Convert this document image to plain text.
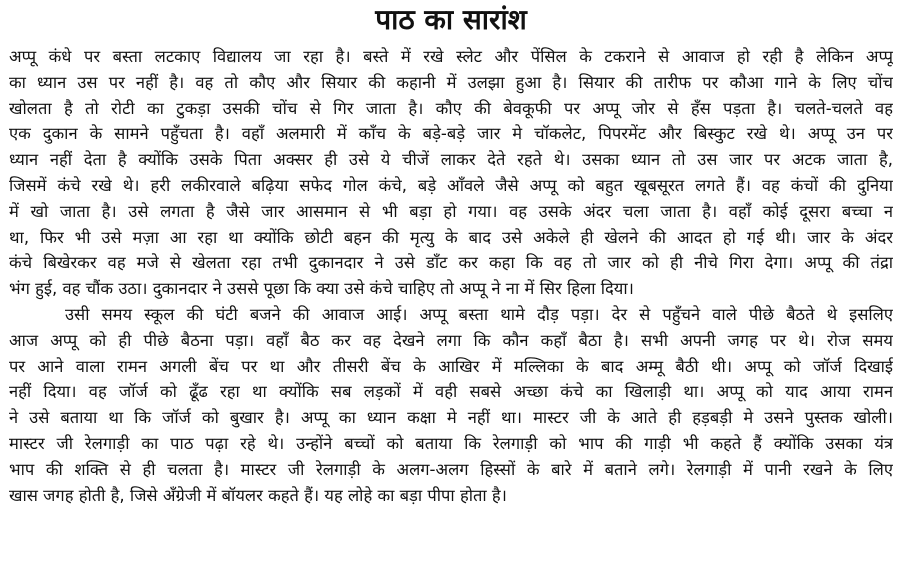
पाठ का सारांश
अप्पू कंधे पर बस्ता लटकाए विद्यालय जा रहा है। बस्ते में रखे स्लेट और पेंसिल के टकराने से आवाज हो रही है लेकिन अप्पू
का ध्यान उस पर नहीं है। वह तो कौए और सियार की कहानी में उलझा हुआ है। सियार की तारीफ पर कौआ गाने के लिए चोंच
खोलता है तो रोटी का टुकड़ा उसकी चोंच से गिर जाता है। कौए की बेवकूफी पर अप्पू जोर से हँस पड़ता है। चलते-चलते वह
एक दुकान के सामने पहुँचता है। वहाँ अलमारी में काँच के बड़े-बड़े जार मे चॉकलेट, पिपरमेंट और बिस्कुट रखे थे। अप्पू उन पर
ध्यान नहीं देता है क्योंकि उसके पिता अक्सर ही उसे ये चीजें लाकर देते रहते थे। उसका ध्यान तो उस जार पर अटक जाता है,
जिसमें कंचे रखे थे। हरी लकीरवाले बढ़िया सफेद गोल कंचे, बड़े आँवले जैसे अप्पू को बहुत खूबसूरत लगते हैं। वह कंचों की दुनिया
में खो जाता है। उसे लगता है जैसे जार आसमान से भी बड़ा हो गया। वह उसके अंदर चला जाता है। वहाँ कोई दूसरा बच्चा न
था, फिर भी उसे मज़ा आ रहा था क्योंकि छोटी बहन की मृत्यु के बाद उसे अकेले ही खेलने की आदत हो गई थी। जार के अंदर
कंचे बिखेरकर वह मजे से खेलता रहा तभी दुकानदार ने उसे डाँट कर कहा कि वह तो जार को ही नीचे गिरा देगा। अप्पू की तंद्रा
भंग हुई, वह चौंक उठा। दुकानदार ने उससे पूछा कि क्या उसे कंचे चाहिए तो अप्पू ने ना में सिर हिला दिया।
उसी समय स्कूल की घंटी बजने की आवाज आई। अप्पू बस्ता थामे दौड़ पड़ा। देर से पहुँचने वाले पीछे बैठते थे इसलिए
आज अप्पू को ही पीछे बैठना पड़ा। वहाँ बैठ कर वह देखने लगा कि कौन कहाँ बैठा है। सभी अपनी जगह पर थे। रोज समय
पर आने वाला रामन अगली बेंच पर था और तीसरी बेंच के आखिर में मल्लिका के बाद अम्मू बैठी थी। अप्पू को जॉर्ज दिखाई
नहीं दिया। वह जॉर्ज को ढूँढ रहा था क्योंकि सब लड़कों में वही सबसे अच्छा कंचे का खिलाड़ी था। अप्पू को याद आया रामन
ने उसे बताया था कि जॉर्ज को बुखार है। अप्पू का ध्यान कक्षा मे नहीं था। मास्टर जी के आते ही हड़बड़ी मे उसने पुस्तक खोली।
मास्टर जी रेलगाड़ी का पाठ पढ़ा रहे थे। उन्होंने बच्चों को बताया कि रेलगाड़ी को भाप की गाड़ी भी कहते हैं क्योंकि उसका यंत्र
भाप की शक्ति से ही चलता है। मास्टर जी रेलगाड़ी के अलग-अलग हिस्सों के बारे में बताने लगे। रेलगाड़ी में पानी रखने के लिए
खास जगह होती है, जिसे अँग्रेजी में बॉयलर कहते हैं। यह लोहे का बड़ा पीपा होता है।
